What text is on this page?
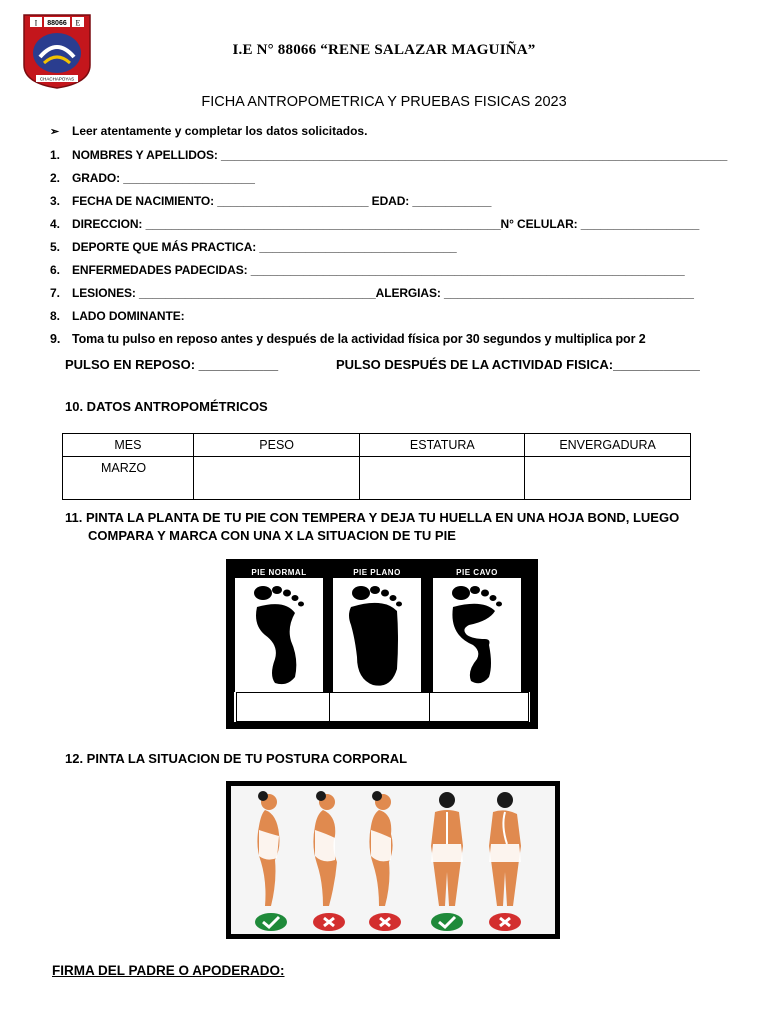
I	E
88066
CHACHAPOYAS
I.E N° 88066 “RENE SALAZAR MAGUIÑA”
FICHA ANTROPOMETRICA Y PRUEBAS FISICAS 2023
➢ Leer atentamente y completar los datos solicitados.
1. NOMBRES Y APELLIDOS: _____________________________________________________________________________
2. GRADO: ____________________
3. FECHA DE NACIMIENTO: _______________________ EDAD: ____________
4. DIRECCION: ______________________________________________________N° CELULAR: __________________
5. DEPORTE QUE MÁS PRACTICA: ______________________________
6. ENFERMEDADES PADECIDAS: __________________________________________________________________
7. LESIONES: ____________________________________ALERGIAS: ______________________________________
8. LADO DOMINANTE:
9. Toma tu pulso en reposo antes y después de la actividad física por 30 segundos y multiplica por 2
PULSO EN REPOSO: ___________	PULSO DESPUÉS DE LA ACTIVIDAD FISICA:____________
10. DATOS ANTROPOMÉTRICOS
MES	PESO	ESTATURA	ENVERGADURA
MARZO			
11. PINTA LA PLANTA DE TU PIE CON TEMPERA Y DEJA TU HUELLA EN UNA HOJA BOND, LUEGO
COMPARA Y MARCA CON UNA X LA SITUACION DE TU PIE
PIE NORMAL	PIE PLANO	PIE CAVO
12. PINTA LA SITUACION DE TU POSTURA CORPORAL
FIRMA DEL PADRE O APODERADO:
